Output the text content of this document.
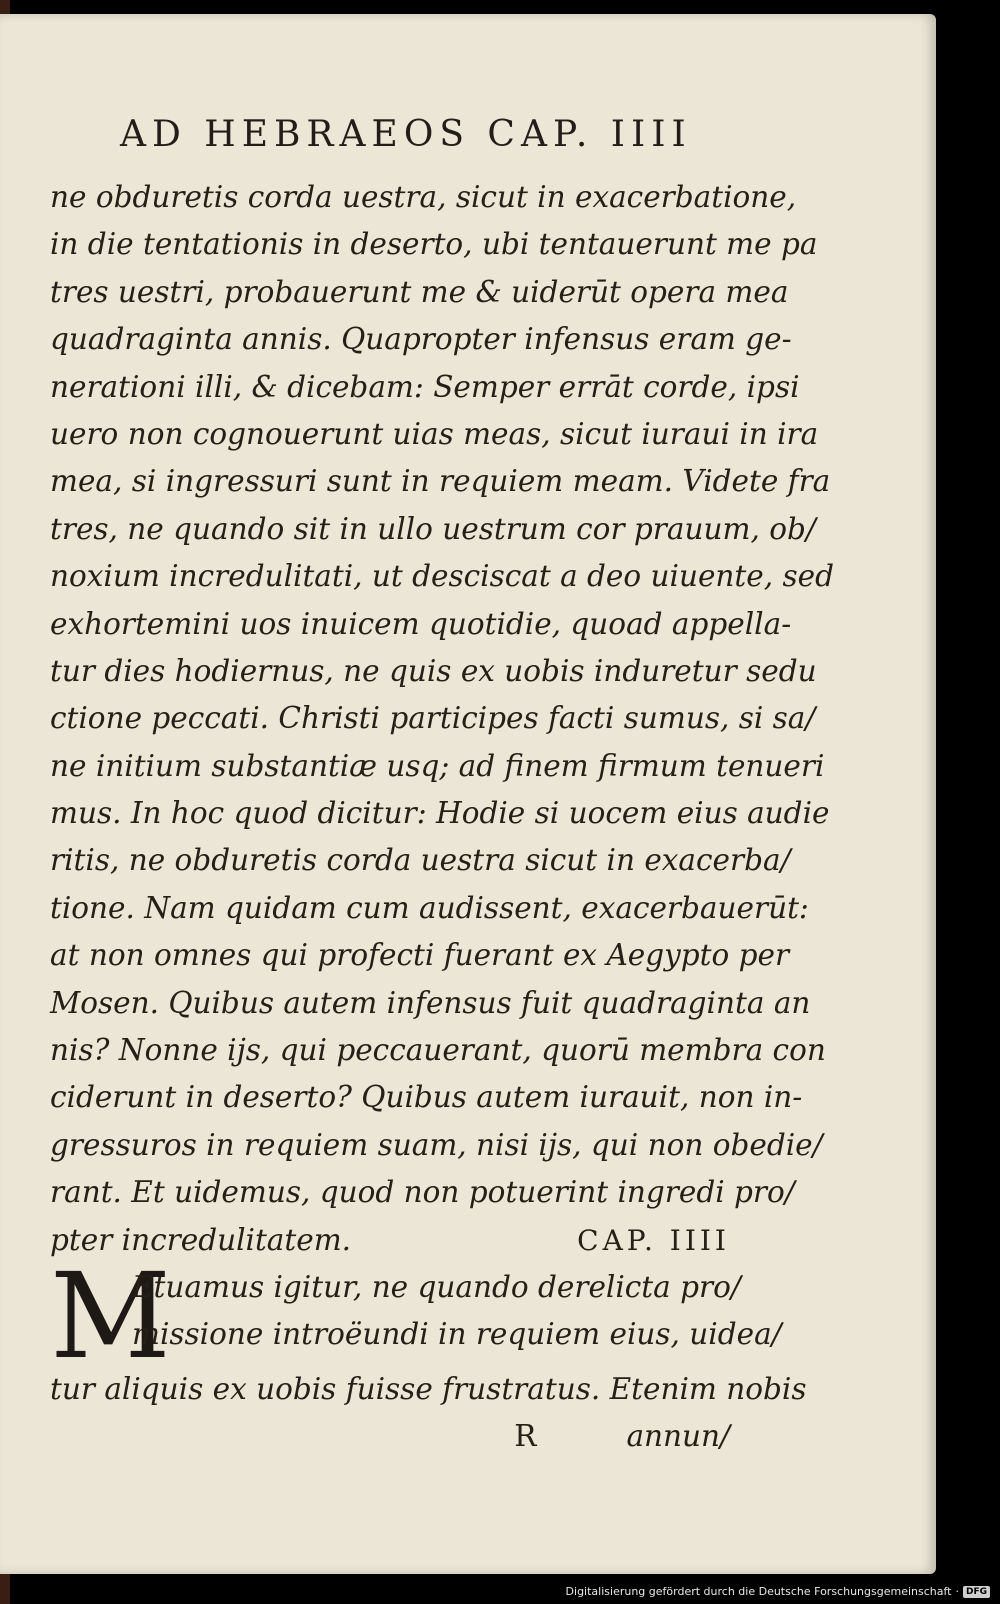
AD HEBRAEOS CAP. IIII
ne obduretis corda uestra, sicut in exacerbatione,
in die tentationis in deserto, ubi tentauerunt me pa
tres uestri, probauerunt me & uiderūt opera mea
quadraginta annis. Quapropter infensus eram ge-
nerationi illi, & dicebam: Semper errāt corde, ipsi
uero non cognouerunt uias meas, sicut iuraui in ira
mea, si ingressuri sunt in requiem meam. Videte fra
tres, ne quando sit in ullo uestrum cor prauum, ob/
noxium incredulitati, ut desciscat a deo uiuente, sed
exhortemini uos inuicem quotidie, quoad appella-
tur dies hodiernus, ne quis ex uobis induretur sedu
ctione peccati. Christi participes facti sumus, si sa/
ne initium substantiæ usq; ad finem firmum tenueri
mus. In hoc quod dicitur: Hodie si uocem eius audie
ritis, ne obduretis corda uestra sicut in exacerba/
tione. Nam quidam cum audissent, exacerbauerūt:
at non omnes qui profecti fuerant ex Aegypto per
Mosen. Quibus autem infensus fuit quadraginta an
nis? Nonne ijs, qui peccauerant, quorū membra con
ciderunt in deserto? Quibus autem iurauit, non in-
gressuros in requiem suam, nisi ijs, qui non obedie/
rant. Et uidemus, quod non potuerint ingredi pro/
pter incredulitatem.	CAP. IIII
M
Etuamus igitur, ne quando derelicta pro/
missione introëundi in requiem eius, uidea/
tur aliquis ex uobis fuisse frustratus. Etenim nobis
R	annun/
Digitalisierung gefördert durch die Deutsche Forschungsgemeinschaft · DFG
